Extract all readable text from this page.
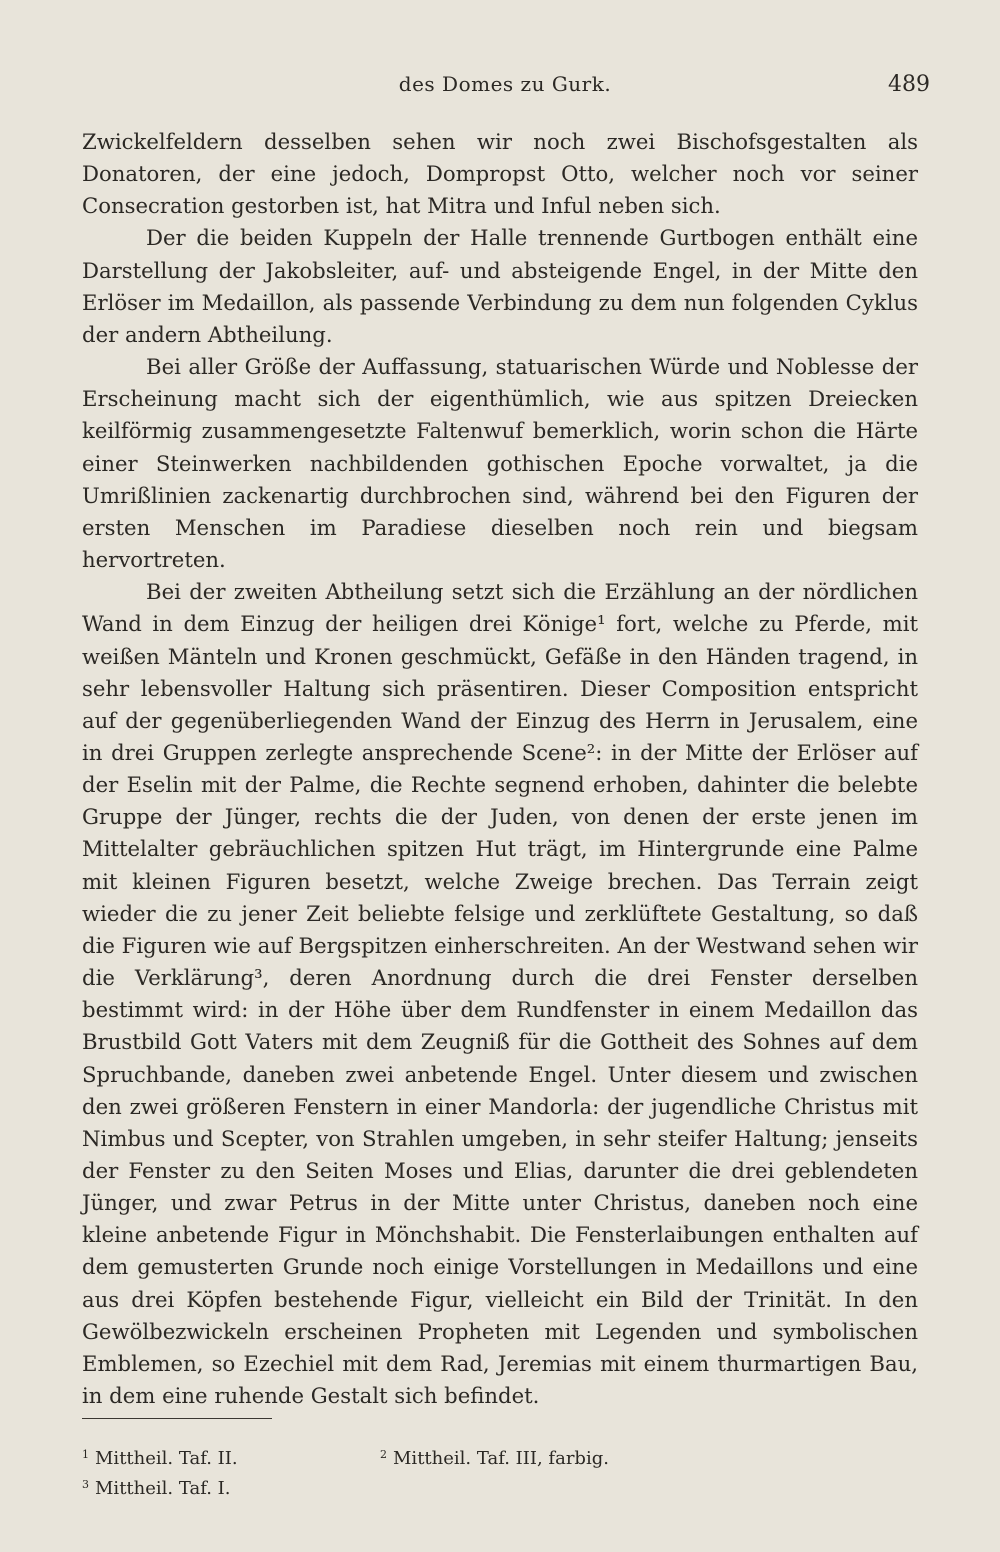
des Domes zu Gurk.	489

Zwickelfeldern desselben sehen wir noch zwei Bischofsgestalten als Donatoren, der eine jedoch, Dompropst Otto, welcher noch vor seiner Consecration gestorben ist, hat Mitra und Inful neben sich.

Der die beiden Kuppeln der Halle trennende Gurtbogen enthält eine Darstellung der Jakobsleiter, auf- und absteigende Engel, in der Mitte den Erlöser im Medaillon, als passende Verbindung zu dem nun folgenden Cyklus der andern Abtheilung.

Bei aller Größe der Auffassung, statuarischen Würde und Noblesse der Erscheinung macht sich der eigenthümlich, wie aus spitzen Dreiecken keilförmig zusammengesetzte Faltenwuf bemerklich, worin schon die Härte einer Steinwerken nachbildenden gothischen Epoche vorwaltet, ja die Umrißlinien zackenartig durchbrochen sind, während bei den Figuren der ersten Menschen im Paradiese dieselben noch rein und biegsam hervortreten.

Bei der zweiten Abtheilung setzt sich die Erzählung an der nördlichen Wand in dem Einzug der heiligen drei Könige¹ fort, welche zu Pferde, mit weißen Mänteln und Kronen geschmückt, Gefäße in den Händen tragend, in sehr lebensvoller Haltung sich präsentiren. Dieser Composition entspricht auf der gegenüberliegenden Wand der Einzug des Herrn in Jerusalem, eine in drei Gruppen zerlegte ansprechende Scene²: in der Mitte der Erlöser auf der Eselin mit der Palme, die Rechte segnend erhoben, dahinter die belebte Gruppe der Jünger, rechts die der Juden, von denen der erste jenen im Mittelalter gebräuchlichen spitzen Hut trägt, im Hintergrunde eine Palme mit kleinen Figuren besetzt, welche Zweige brechen. Das Terrain zeigt wieder die zu jener Zeit beliebte felsige und zerklüftete Gestaltung, so daß die Figuren wie auf Bergspitzen einherschreiten. An der Westwand sehen wir die Verklärung³, deren Anordnung durch die drei Fenster derselben bestimmt wird: in der Höhe über dem Rundfenster in einem Medaillon das Brustbild Gott Vaters mit dem Zeugniß für die Gottheit des Sohnes auf dem Spruchbande, daneben zwei anbetende Engel. Unter diesem und zwischen den zwei größeren Fenstern in einer Mandorla: der jugendliche Christus mit Nimbus und Scepter, von Strahlen umgeben, in sehr steifer Haltung; jenseits der Fenster zu den Seiten Moses und Elias, darunter die drei geblendeten Jünger, und zwar Petrus in der Mitte unter Christus, daneben noch eine kleine anbetende Figur in Mönchshabit. Die Fensterlaibungen enthalten auf dem gemusterten Grunde noch einige Vorstellungen in Medaillons und eine aus drei Köpfen bestehende Figur, vielleicht ein Bild der Trinität. In den Gewölbezwickeln erscheinen Propheten mit Legenden und symbolischen Emblemen, so Ezechiel mit dem Rad, Jeremias mit einem thurmartigen Bau, in dem eine ruhende Gestalt sich befindet.

$^1$ Mittheil. Taf. II.	$^2$ Mittheil. Taf. III, farbig.
$^3$ Mittheil. Taf. I.
